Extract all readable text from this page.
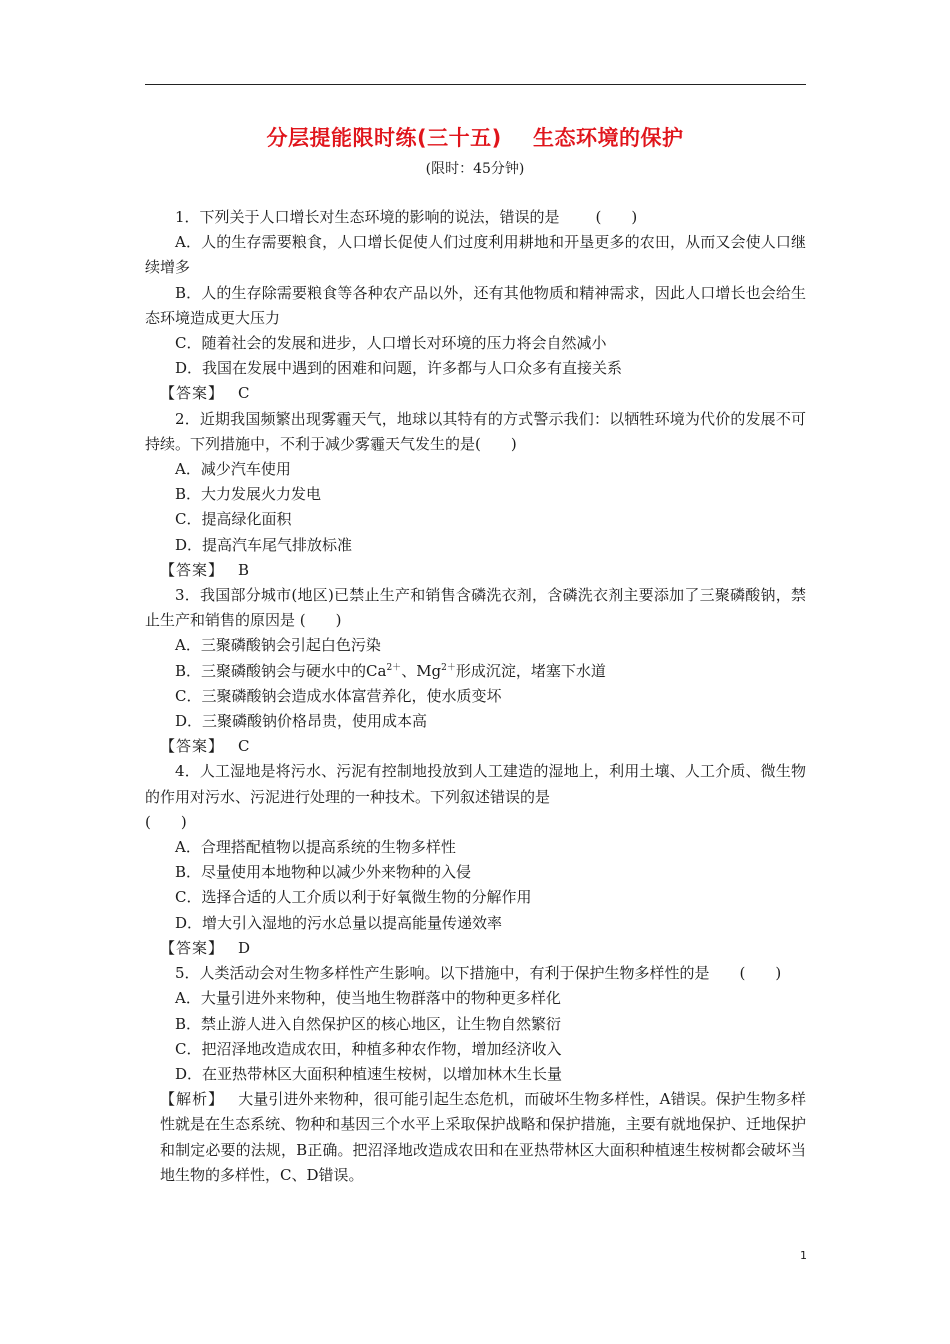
分层提能限时练(三十五)    生态环境的保护
(限时：45分钟)

1．下列关于人口增长对生态环境的影响的说法，错误的是 (　　)

A．人的生存需要粮食，人口增长促使人们过度利用耕地和开垦更多的农田，从而又会使人口继续增多

B．人的生存除需要粮食等各种农产品以外，还有其他物质和精神需求，因此人口增长也会给生态环境造成更大压力

C．随着社会的发展和进步，人口增长对环境的压力将会自然减小

D．我国在发展中遇到的困难和问题，许多都与人口众多有直接关系

【答案】 C

2．近期我国频繁出现雾霾天气，地球以其特有的方式警示我们：以牺牲环境为代价的发展不可持续。下列措施中，不利于减少雾霾天气发生的是(　　)

A．减少汽车使用

B．大力发展火力发电

C．提高绿化面积

D．提高汽车尾气排放标准

【答案】 B

3．我国部分城市(地区)已禁止生产和销售含磷洗衣剂，含磷洗衣剂主要添加了三聚磷酸钠，禁止生产和销售的原因是 (　　)

A．三聚磷酸钠会引起白色污染

B．三聚磷酸钠会与硬水中的$Ca^{2+}$、$Mg^{2+}$形成沉淀，堵塞下水道

C．三聚磷酸钠会造成水体富营养化，使水质变坏

D．三聚磷酸钠价格昂贵，使用成本高

【答案】 C

4．人工湿地是将污水、污泥有控制地投放到人工建造的湿地上，利用土壤、人工介质、微生物的作用对污水、污泥进行处理的一种技术。下列叙述错误的是

(　　)

A．合理搭配植物以提高系统的生物多样性

B．尽量使用本地物种以减少外来物种的入侵

C．选择合适的人工介质以利于好氧微生物的分解作用

D．增大引入湿地的污水总量以提高能量传递效率

【答案】 D

5．人类活动会对生物多样性产生影响。以下措施中，有利于保护生物多样性的是　　(　　)

A．大量引进外来物种，使当地生物群落中的物种更多样化

B．禁止游人进入自然保护区的核心地区，让生物自然繁衍

C．把沼泽地改造成农田，种植多种农作物，增加经济收入

D．在亚热带林区大面积种植速生桉树，以增加林木生长量

【解析】 大量引进外来物种，很可能引起生态危机，而破坏生物多样性，A错误。保护生物多样性就是在生态系统、物种和基因三个水平上采取保护战略和保护措施，主要有就地保护、迁地保护和制定必要的法规，B正确。把沼泽地改造成农田和在亚热带林区大面积种植速生桉树都会破坏当地生物的多样性，C、D错误。

1
